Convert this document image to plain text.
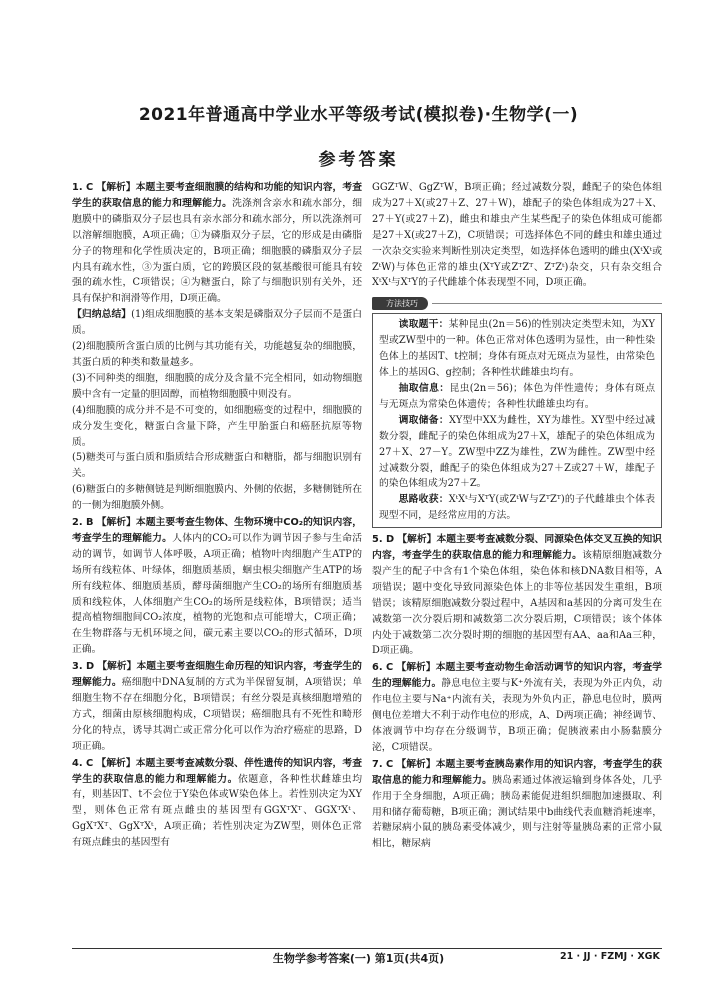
2021年普通高中学业水平等级考试(模拟卷)·生物学(一)
参考答案

1. C 【解析】本题主要考查细胞膜的结构和功能的知识内容，考查学生的获取信息的能力和理解能力。洗涤剂含亲水和疏水部分，细胞膜中的磷脂双分子层也具有亲水部分和疏水部分，所以洗涤剂可以溶解细胞膜，A项正确；①为磷脂双分子层，它的形成是由磷脂分子的物理和化学性质决定的，B项正确；细胞膜的磷脂双分子层内具有疏水性，③为蛋白质，它的跨膜区段的氨基酸很可能具有较强的疏水性，C项错误；④为糖蛋白，除了与细胞识别有关外，还具有保护和润滑等作用，D项正确。

【归纳总结】(1)组成细胞膜的基本支架是磷脂双分子层而不是蛋白质。

(2)细胞膜所含蛋白质的比例与其功能有关，功能越复杂的细胞膜，其蛋白质的种类和数量越多。

(3)不同种类的细胞，细胞膜的成分及含量不完全相同，如动物细胞膜中含有一定量的胆固醇，而植物细胞膜中则没有。

(4)细胞膜的成分并不是不可变的，如细胞癌变的过程中，细胞膜的成分发生变化，糖蛋白含量下降，产生甲胎蛋白和癌胚抗原等物质。

(5)糖类可与蛋白质和脂质结合形成糖蛋白和糖脂，都与细胞识别有关。

(6)糖蛋白的多糖侧链是判断细胞膜内、外侧的依据，多糖侧链所在的一侧为细胞膜外侧。

2. B 【解析】本题主要考查生物体、生物环境中CO₂的知识内容，考查学生的理解能力。人体内的CO₂可以作为调节因子参与生命活动的调节，如调节人体呼吸，A项正确；植物叶肉细胞产生ATP的场所有线粒体、叶绿体，细胞质基质，蛔虫根尖细胞产生ATP的场所有线粒体、细胞质基质，酵母菌细胞产生CO₂的场所有细胞质基质和线粒体，人体细胞产生CO₂的场所是线粒体，B项错误；适当提高植物细胞间CO₂浓度，植物的光饱和点可能增大，C项正确；在生物群落与无机环境之间，碳元素主要以CO₂的形式循环，D项正确。

3. D 【解析】本题主要考查细胞生命历程的知识内容，考查学生的理解能力。癌细胞中DNA复制的方式为半保留复制，A项错误；单细胞生物不存在细胞分化，B项错误；有丝分裂是真核细胞增殖的方式，细菌由原核细胞构成，C项错误；癌细胞具有不死性和畸形分化的特点，诱导其凋亡或正常分化可以作为治疗癌症的思路，D项正确。

4. C 【解析】本题主要考查减数分裂、伴性遗传的知识内容，考查学生的获取信息的能力和理解能力。依题意，各种性状雌雄虫均有，则基因T、t不会位于Y染色体或W染色体上。若性别决定为XY型，则体色正常有斑点雌虫的基因型有GGXᵀXᵀ、GGXᵀXᵗ、GgXᵀXᵀ、GgXᵀXᵗ，A项正确；若性别决定为ZW型，则体色正常有斑点雌虫的基因型有

GGZᵀW、GgZᵀW，B项正确；经过减数分裂，雌配子的染色体组成为27＋X(或27＋Z、27＋W)，雄配子的染色体组成为27＋X、27＋Y(或27＋Z)，雌虫和雄虫产生某些配子的染色体组成可能都是27＋X(或27＋Z)，C项错误；可选择体色不同的雌虫和雄虫通过一次杂交实验来判断性别决定类型，如选择体色透明的雌虫(XᵗXᵗ或ZᵗW)与体色正常的雄虫(XᵀY或ZᵀZᵀ、ZᵀZᵗ)杂交，只有杂交组合XᵗXᵗ与XᵀY的子代雌雄个体表现型不同，D项正确。

方法技巧

读取题干：某种昆虫(2n＝56)的性别决定类型未知，为XY型或ZW型中的一种。体色正常对体色透明为显性，由一种性染色体上的基因T、t控制；身体有斑点对无斑点为显性，由常染色体上的基因G、g控制；各种性状雌雄虫均有。

抽取信息：昆虫(2n＝56)；体色为伴性遗传；身体有斑点与无斑点为常染色体遗传；各种性状雌雄虫均有。

调取储备：XY型中XX为雌性，XY为雄性。XY型中经过减数分裂，雌配子的染色体组成为27＋X，雄配子的染色体组成为27＋X、27－Y。ZW型中ZZ为雄性，ZW为雌性。ZW型中经过减数分裂，雌配子的染色体组成为27＋Z或27＋W，雄配子的染色体组成为27＋Z。

思路收获：XᵗXᵗ与XᵀY(或ZᵗW与ZᵀZᵀ)的子代雌雄虫个体表现型不同，是经常应用的方法。

5. D 【解析】本题主要考查减数分裂、同源染色体交叉互换的知识内容，考查学生的获取信息的能力和理解能力。该精原细胞减数分裂产生的配子中含有1个染色体组，染色体和核DNA数目相等，A项错误；题中变化导致同源染色体上的非等位基因发生重组，B项错误；该精原细胞减数分裂过程中，A基因和a基因的分离可发生在减数第一次分裂后期和减数第二次分裂后期，C项错误；该个体体内处于减数第二次分裂时期的细胞的基因型有AA、aa和Aa三种，D项正确。

6. C 【解析】本题主要考查动物生命活动调节的知识内容，考查学生的理解能力。静息电位主要与K⁺外流有关，表现为外正内负，动作电位主要与Na⁺内流有关，表现为外负内正，静息电位时，膜两侧电位差增大不利于动作电位的形成，A、D两项正确；神经调节、体液调节中均存在分级调节，B项正确；促胰液素由小肠黏膜分泌，C项错误。

7. C 【解析】本题主要考查胰岛素作用的知识内容，考查学生的获取信息的能力和理解能力。胰岛素通过体液运输到身体各处，几乎作用于全身细胞，A项正确；胰岛素能促进组织细胞加速摄取、利用和储存葡萄糖，B项正确；测试结果中b曲线代表血糖消耗速率，若糖尿病小鼠的胰岛素受体减少，则与注射等量胰岛素的正常小鼠相比，糖尿病

生物学参考答案(一) 第1页(共4页)	21 · JJ · FZMJ · XGK
